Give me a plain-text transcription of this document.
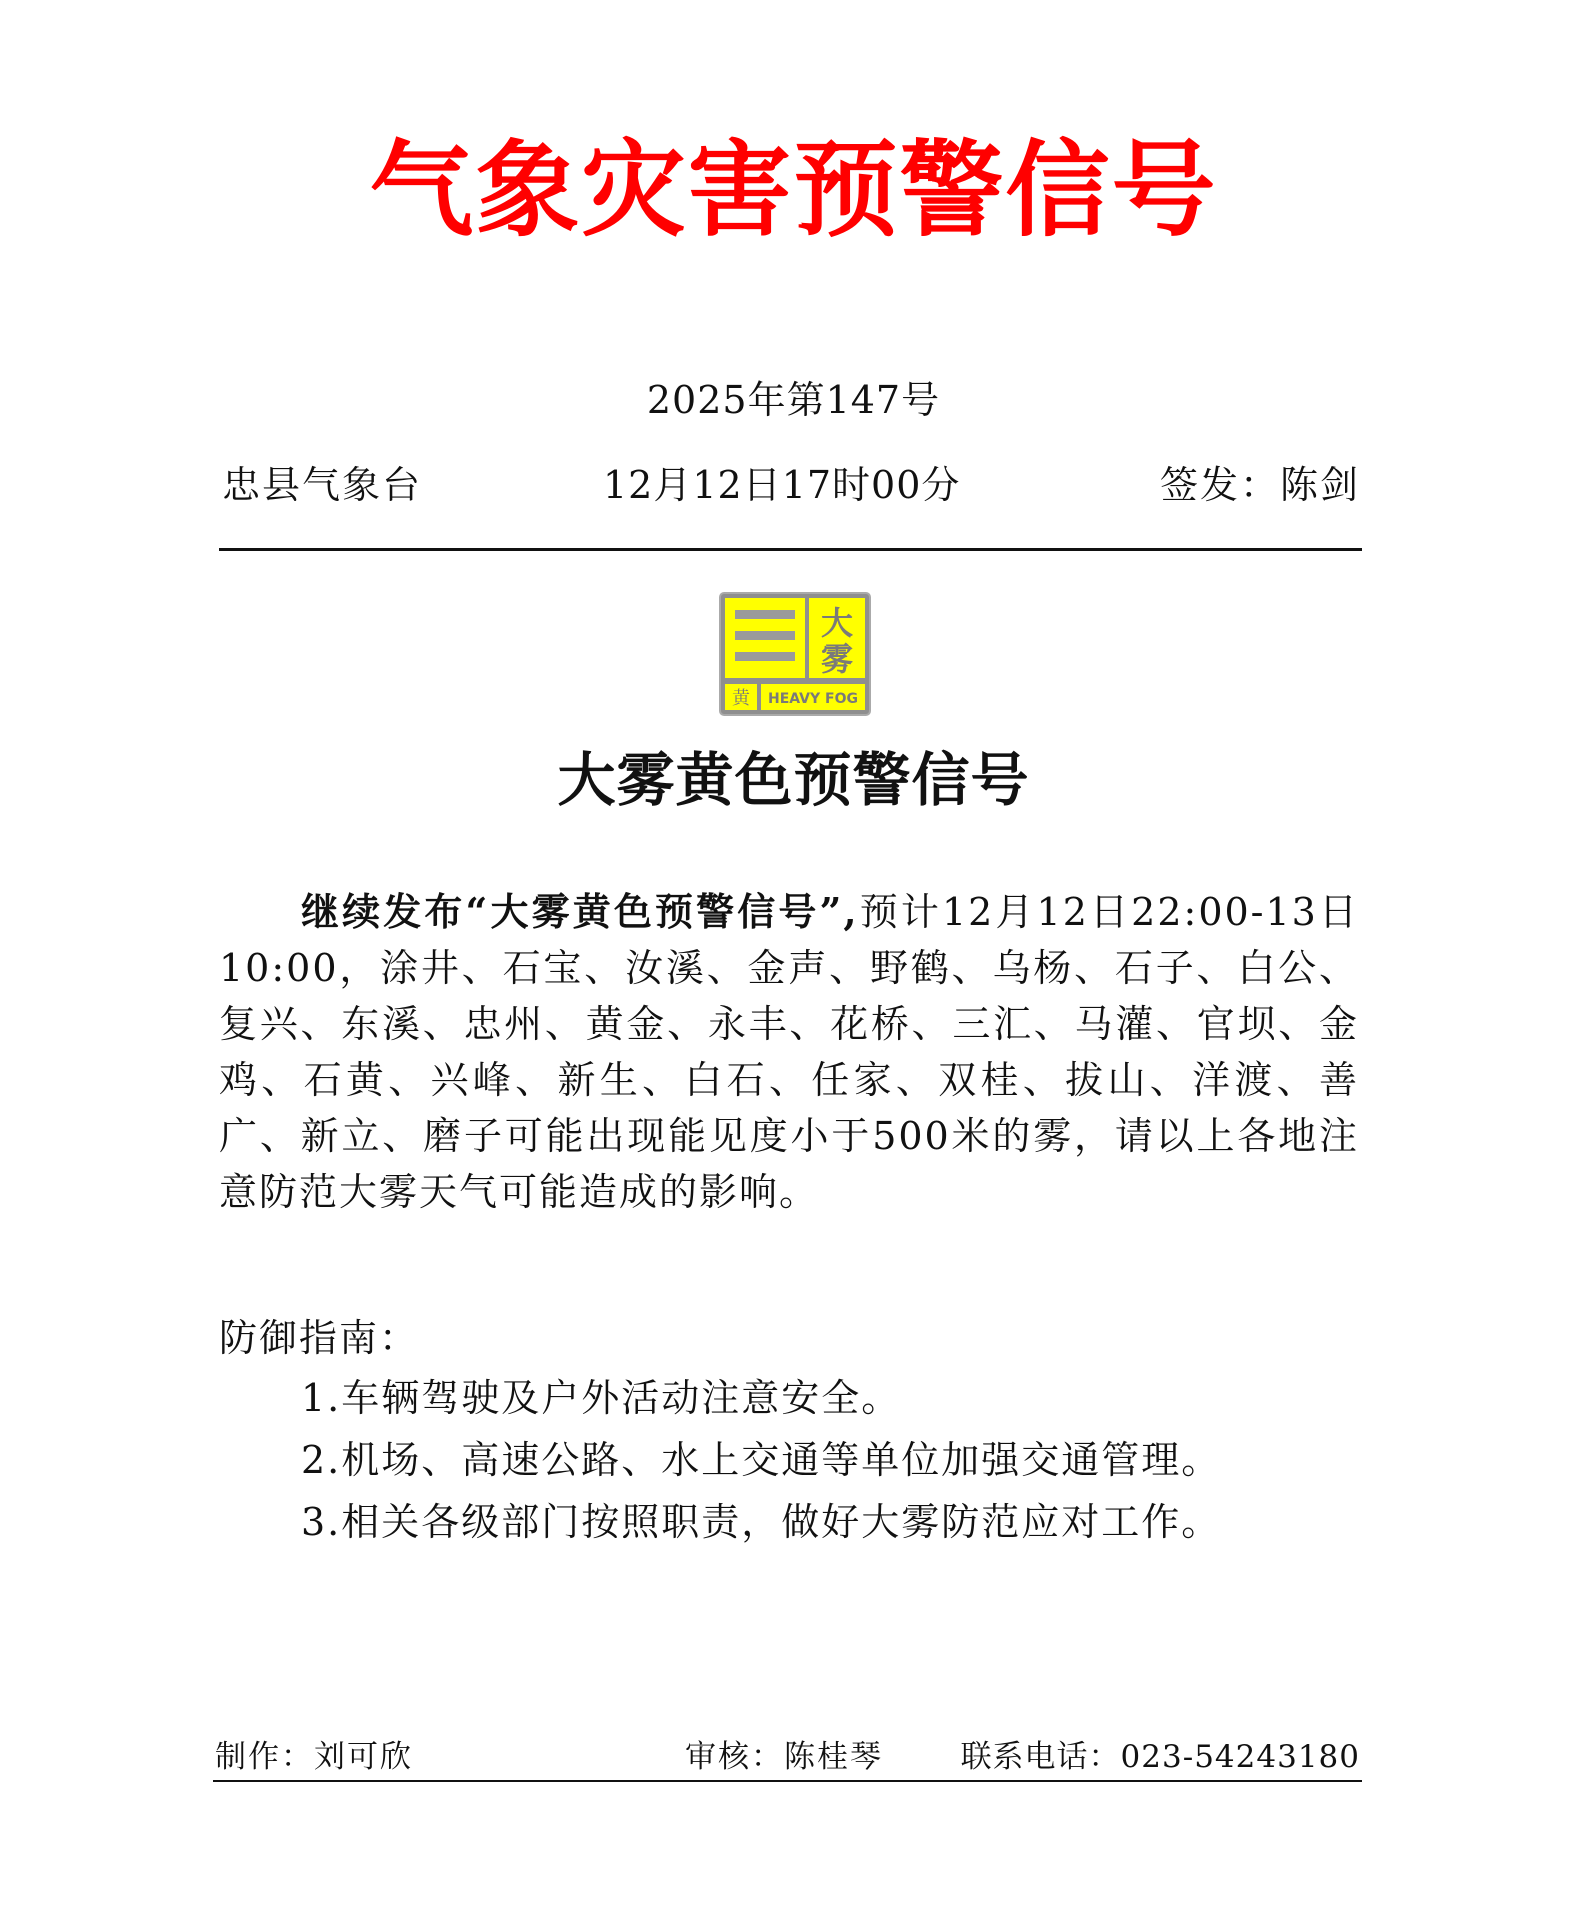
气象灾害预警信号
2025年第147号
忠县气象台	12月12日17时00分	签发：陈剑
大
雾
黄 HEAVY FOG
大雾黄色预警信号

继续发布“大雾黄色预警信号”,预计12月12日22:00-13日10:00，涂井、石宝、汝溪、金声、野鹤、乌杨、石子、白公、复兴、东溪、忠州、黄金、永丰、花桥、三汇、马灌、官坝、金鸡、石黄、兴峰、新生、白石、任家、双桂、拔山、洋渡、善广、新立、磨子可能出现能见度小于500米的雾，请以上各地注意防范大雾天气可能造成的影响。

防御指南：
1.车辆驾驶及户外活动注意安全。
2.机场、高速公路、水上交通等单位加强交通管理。
3.相关各级部门按照职责，做好大雾防范应对工作。
制作：刘可欣	审核：陈桂琴	联系电话：023-54243180
